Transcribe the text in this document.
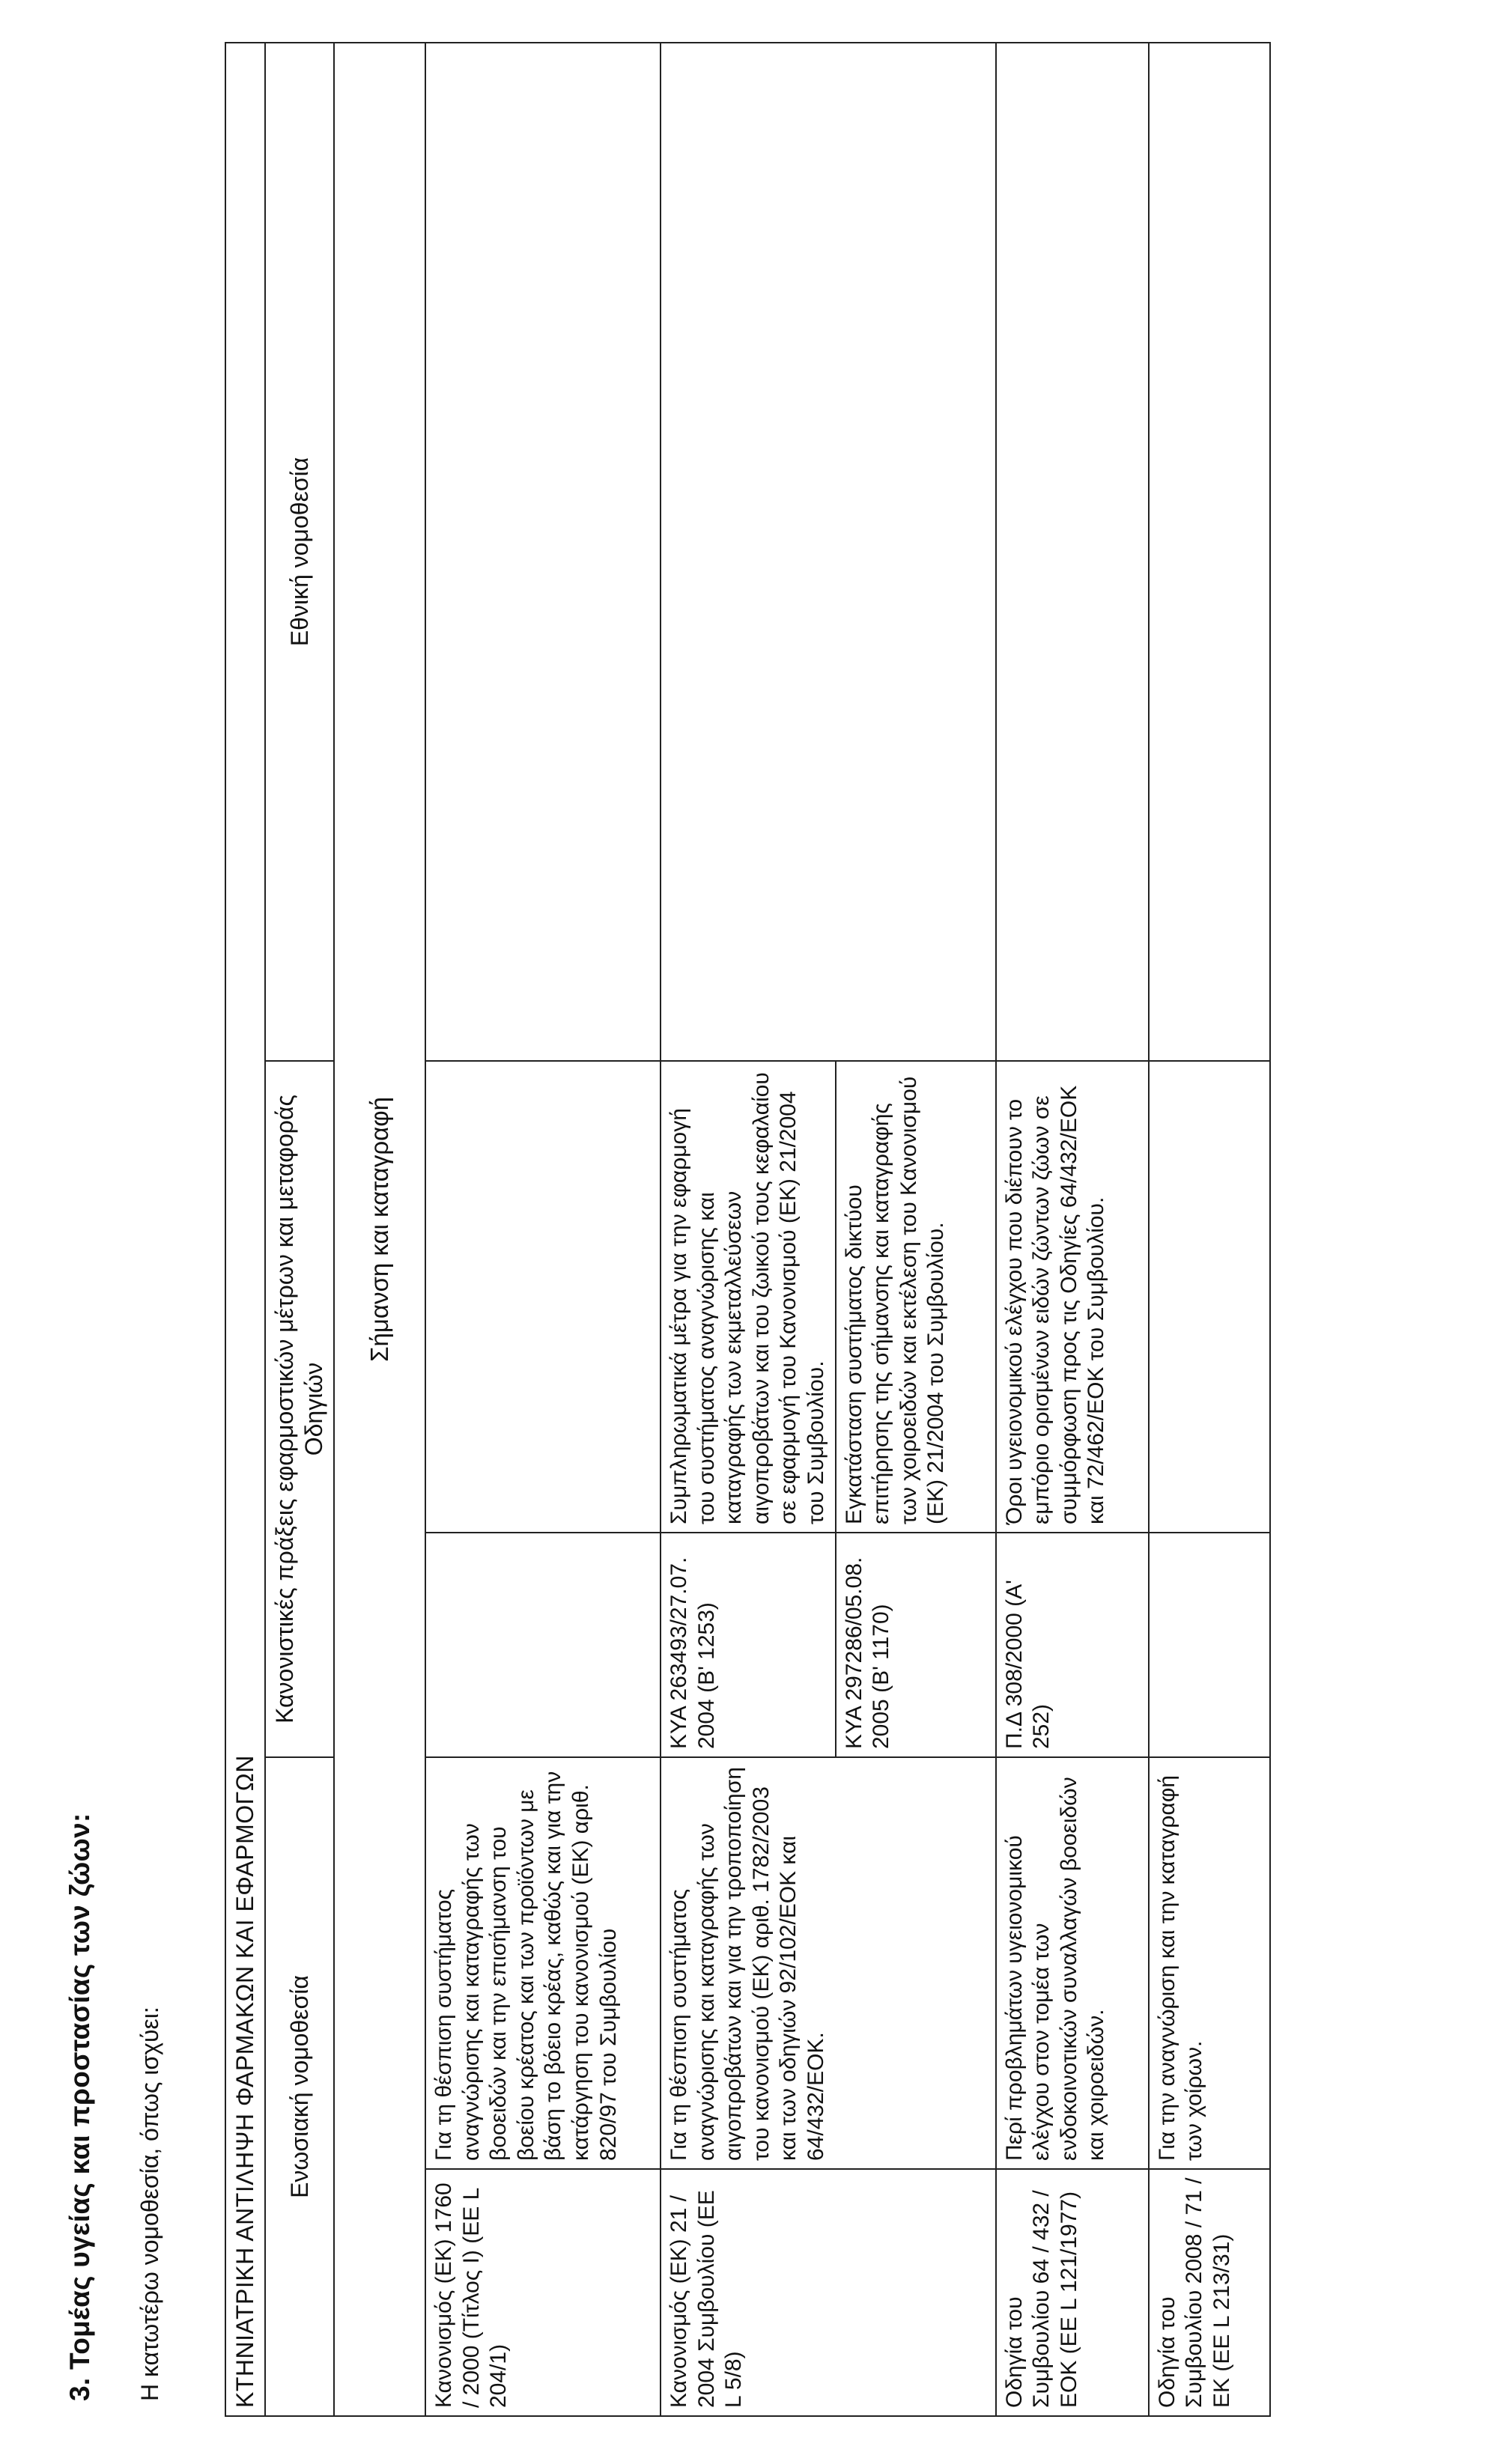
3. Τομέας υγείας και προστασίας των ζώων: Η κατωτέρω νομοθεσία, όπως ισχύει:	ΚΤΗΝΙΑΤΡΙΚΗ ΑΝΤΙΛΗΨΗ ΦΑΡΜΑΚΩΝ ΚΑΙ ΕΦΑΡΜΟΓΩΝ				
Ενωσιακή νομοθεσία		Κανονιστικές πράξεις εφαρμοστικών μέτρων και μεταφοράς Οδηγιών		Εθνική νομοθεσία
Σήμανση και καταγραφή				
Κανονισμός (ΕΚ) 1760 / 2000 (Τίτλος Ι) (ΕΕ L 204/1)	Για τη θέσπιση συστήματος αναγνώρισης και καταγραφής των βοοειδών και την επισήμανση του βοείου κρέατος και των προϊόντων με βάση το βόειο κρέας, καθώς και για την κατάργηση του κανονισμού (ΕΚ) αριθ. 820/97 του Συμβουλίου			
Κανονισμός (ΕΚ) 21 / 2004 Συμβουλίου (ΕΕ L 5/8)	Για τη θέσπιση συστήματος αναγνώρισης και καταγραφής των αιγοπροβάτων και για την τροποποίηση του κανονισμού (ΕΚ) αριθ. 1782/2003 και των οδηγιών 92/102/ΕΟΚ και 64/432/ΕΟΚ.	ΚΥΑ 263493/27.07. 2004 (Β' 1253)	Συμπληρωματικά μέτρα για την εφαρμογή του συστήματος αναγνώρισης και καταγραφής των εκμεταλλεύσεων αιγοπροβάτων και του ζωικού τους κεφαλαίου σε εφαρμογή του Κανονισμού (ΕΚ) 21/2004 του Συμβουλίου.	
		ΚΥΑ 297286/05.08. 2005 (Β' 1170)	Εγκατάσταση συστήματος δικτύου επιτήρησης της σήμανσης και καταγραφής των χοιροειδών και εκτέλεση του Κανονισμού (ΕΚ) 21/2004 του Συμβουλίου.	
Οδηγία του Συμβουλίου 64 / 432 / ΕΟΚ (ΕΕ L 121/1977)	Περί προβλημάτων υγειονομικού ελέγχου στον τομέα των ενδοκοινοτικών συναλλαγών βοοειδών και χοιροειδών.	Π.Δ 308/2000 (Α' 252)	Όροι υγειονομικού ελέγχου που διέπουν το εμπόριο ορισμένων ειδών ζώντων ζώων σε συμμόρφωση προς τις Οδηγίες 64/432/ΕΟΚ και 72/462/ΕΟΚ του Συμβουλίου.	
Οδηγία του Συμβουλίου 2008 / 71 / ΕΚ (ΕΕ L 213/31)	Για την αναγνώριση και την καταγραφή των χοίρων.			
